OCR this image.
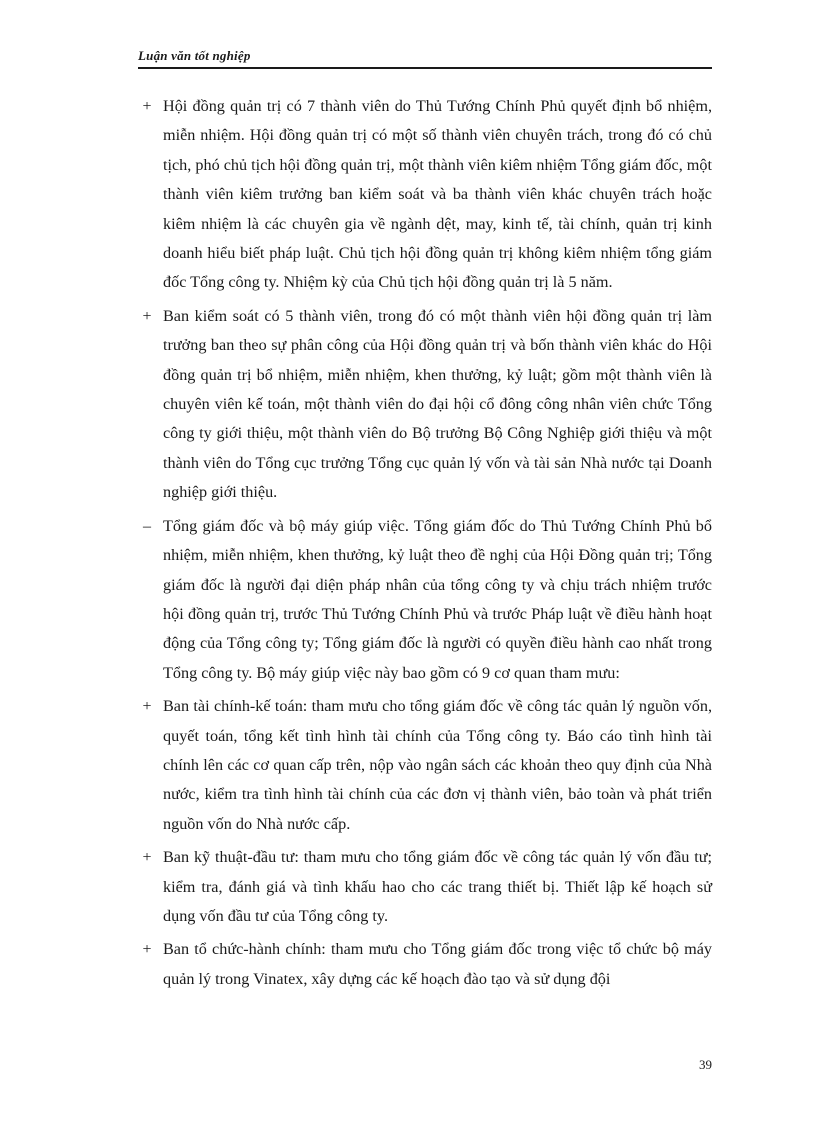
Luận văn tốt nghiệp
+ Hội đồng quản trị có 7 thành viên do Thủ Tướng Chính Phủ quyết định bổ nhiệm, miễn nhiệm. Hội đồng quản trị có một số thành viên chuyên trách, trong đó có chủ tịch, phó chủ tịch hội đồng quản trị, một thành viên kiêm nhiệm Tổng giám đốc, một thành viên kiêm trưởng ban kiểm soát và ba thành viên khác chuyên trách hoặc kiêm nhiệm là các chuyên gia về ngành dệt, may, kinh tế, tài chính, quản trị kinh doanh hiểu biết pháp luật. Chủ tịch hội đồng quản trị không kiêm nhiệm tổng giám đốc Tổng công ty. Nhiệm kỳ của Chủ tịch hội đồng quản trị là 5 năm.
+ Ban kiểm soát có 5 thành viên, trong đó có một thành viên hội đồng quản trị làm trưởng ban theo sự phân công của Hội đồng quản trị và bốn thành viên khác do Hội đồng quản trị bổ nhiệm, miễn nhiệm, khen thưởng, kỷ luật; gồm một thành viên là chuyên viên kế toán, một thành viên do đại hội cổ đông công nhân viên chức Tổng công ty giới thiệu, một thành viên do Bộ trưởng Bộ Công Nghiệp giới thiệu và một thành viên do Tổng cục trưởng Tổng cục quản lý vốn và tài sản Nhà nước tại Doanh nghiệp giới thiệu.
– Tổng giám đốc và bộ máy giúp việc. Tổng giám đốc do Thủ Tướng Chính Phủ bổ nhiệm, miễn nhiệm, khen thưởng, kỷ luật theo đề nghị của Hội Đồng quản trị; Tổng giám đốc là người đại diện pháp nhân của tổng công ty và chịu trách nhiệm trước hội đồng quản trị, trước Thủ Tướng Chính Phủ và trước Pháp luật về điều hành hoạt động của Tổng công ty; Tổng giám đốc là người có quyền điều hành cao nhất trong Tổng công ty. Bộ máy giúp việc này bao gồm có 9 cơ quan tham mưu:
+ Ban tài chính-kế toán: tham mưu cho tổng giám đốc về công tác quản lý nguồn vốn, quyết toán, tổng kết tình hình tài chính của Tổng công ty. Báo cáo tình hình tài chính lên các cơ quan cấp trên, nộp vào ngân sách các khoản theo quy định của Nhà nước, kiểm tra tình hình tài chính của các đơn vị thành viên, bảo toàn và phát triển nguồn vốn do Nhà nước cấp.
+ Ban kỹ thuật-đầu tư: tham mưu cho tổng giám đốc về công tác quản lý vốn đầu tư; kiểm tra, đánh giá và tình khấu hao cho các trang thiết bị. Thiết lập kế hoạch sử dụng vốn đầu tư của Tổng công ty.
+ Ban tổ chức-hành chính: tham mưu cho Tổng giám đốc trong việc tổ chức bộ máy quản lý trong Vinatex, xây dựng các kế hoạch đào tạo và sử dụng đội
39
